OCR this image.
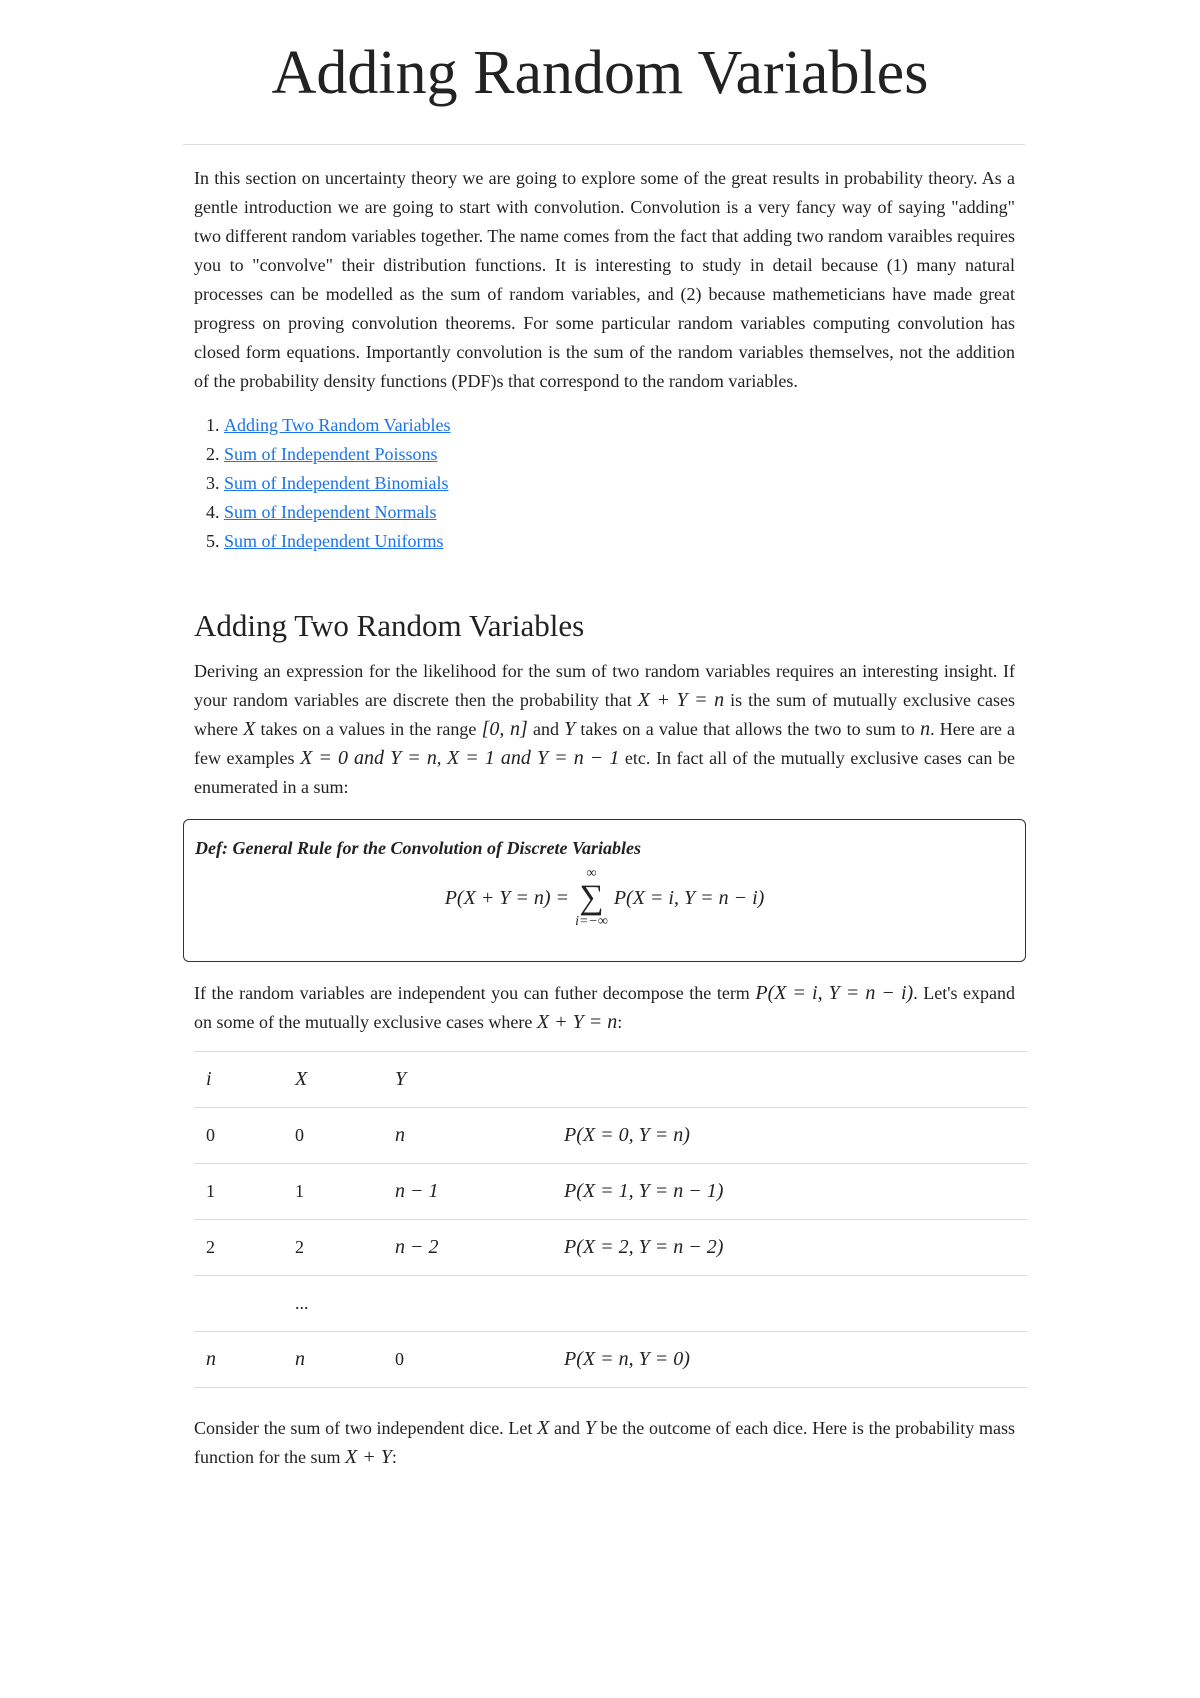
Adding Random Variables

In this section on uncertainty theory we are going to explore some of the great results in probability theory. As a gentle introduction we are going to start with convolution. Convolution is a very fancy way of saying "adding" two different random variables together. The name comes from the fact that adding two random varaibles requires you to "convolve" their distribution functions. It is interesting to study in detail because (1) many natural processes can be modelled as the sum of random variables, and (2) because mathemeticians have made great progress on proving convolution theorems. For some particular random variables computing convolution has closed form equations. Importantly convolution is the sum of the random variables themselves, not the addition of the probability density functions (PDF)s that correspond to the random variables.

1. Adding Two Random Variables
2. Sum of Independent Poissons
3. Sum of Independent Binomials
4. Sum of Independent Normals
5. Sum of Independent Uniforms
Adding Two Random Variables

Deriving an expression for the likelihood for the sum of two random variables requires an interesting insight. If your random variables are discrete then the probability that X + Y = n is the sum of mutually exclusive cases where X takes on a values in the range [0, n] and Y takes on a value that allows the two to sum to n. Here are a few examples X = 0 and Y = n, X = 1 and Y = n − 1 etc. In fact all of the mutually exclusive cases can be enumerated in a sum:

Def: General Rule for the Convolution of Discrete Variables
P(X + Y = n) =
∞
∑
i=−∞
P(X = i, Y = n − i)

If the random variables are independent you can futher decompose the term P(X = i, Y = n − i). Let's expand on some of the mutually exclusive cases where X + Y = n:

i	X	Y	
0	0	n	P(X = 0, Y = n)
1	1	n − 1	P(X = 1, Y = n − 1)
2	2	n − 2	P(X = 2, Y = n − 2)
	...		
n	n	0	P(X = n, Y = 0)

Consider the sum of two independent dice. Let X and Y be the outcome of each dice. Here is the probability mass function for the sum X + Y:
